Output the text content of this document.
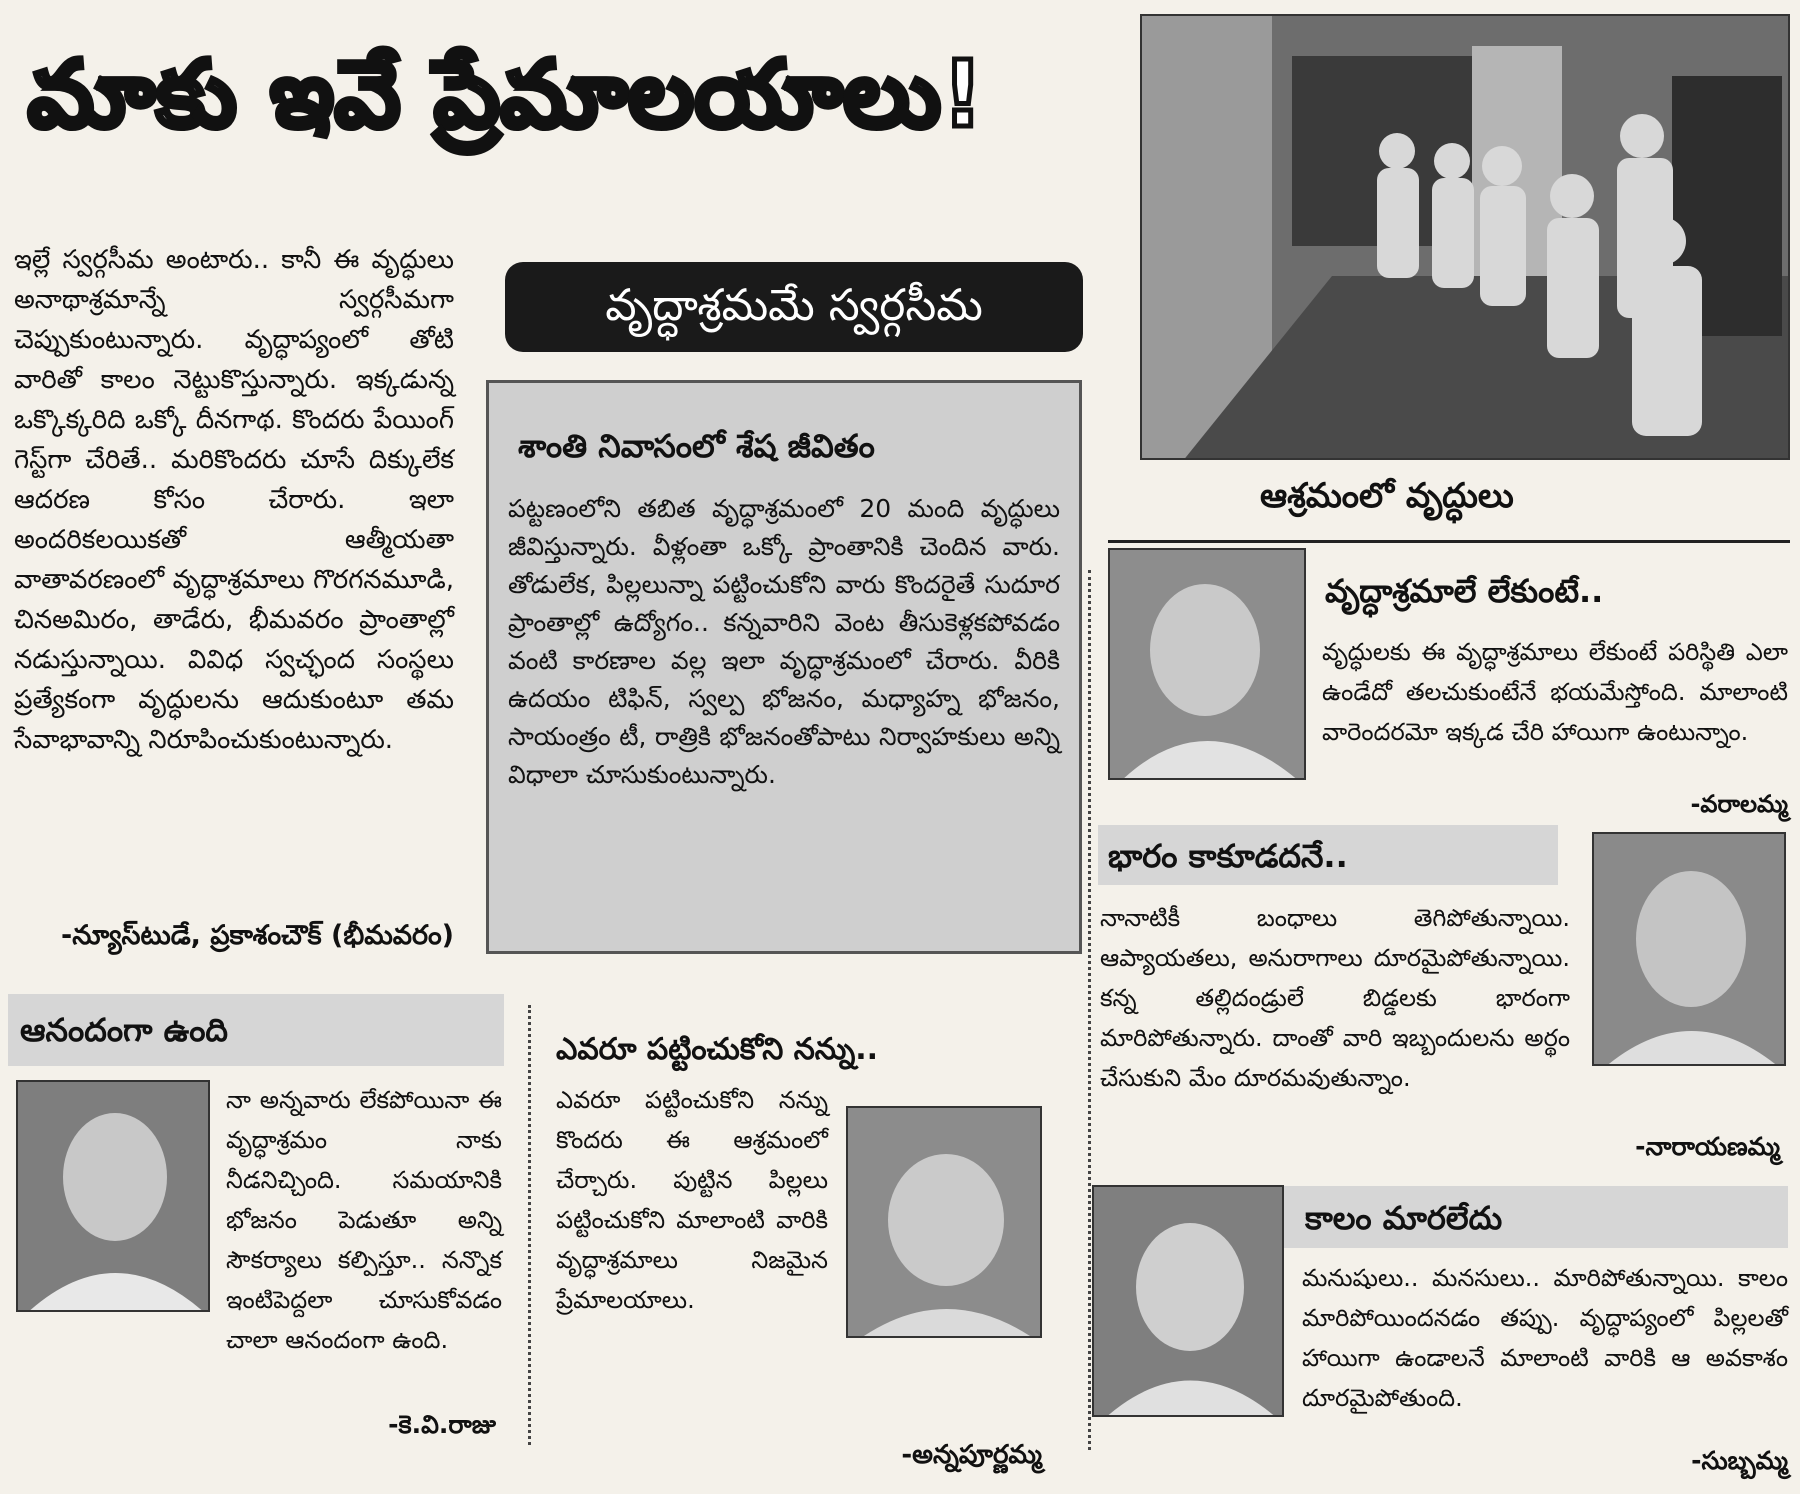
మాకు ఇవే ప్రేమాలయాలు!
ఆశ్రమంలో వృద్ధులు

ఇల్లే స్వర్గసీమ అంటారు.. కానీ ఈ వృద్ధులు అనాథాశ్రమాన్నే స్వర్గసీమగా చెప్పుకుంటున్నారు. వృద్ధాప్యంలో తోటి వారితో కాలం నెట్టుకొస్తున్నారు. ఇక్కడున్న ఒక్కొక్కరిది ఒక్కో దీనగాథ. కొందరు పేయింగ్ గెస్ట్‌గా చేరితే.. మరికొందరు చూసే దిక్కులేక ఆదరణ కోసం చేరారు. ఇలా అందరికలయికతో ఆత్మీయతా వాతావరణంలో వృద్ధాశ్రమాలు గొరగనమూడి, చినఅమిరం, తాడేరు, భీమవరం ప్రాంతాల్లో నడుస్తున్నాయి. వివిధ స్వచ్ఛంద సంస్థలు ప్రత్యేకంగా వృద్ధులను ఆదుకుంటూ తమ సేవాభావాన్ని నిరూపించుకుంటున్నారు.

-న్యూస్‌టుడే, ప్రకాశంచౌక్ (భీమవరం)
వృద్ధాశ్రమమే స్వర్గసీమ
శాంతి నివాసంలో శేష జీవితం

పట్టణంలోని తబిత వృద్ధాశ్రమంలో 20 మంది వృద్ధులు జీవిస్తున్నారు. వీళ్లంతా ఒక్కో ప్రాంతానికి చెందిన వారు. తోడులేక, పిల్లలున్నా పట్టించుకోని వారు కొందరైతే సుదూర ప్రాంతాల్లో ఉద్యోగం.. కన్నవారిని వెంట తీసుకెళ్లకపోవడం వంటి కారణాల వల్ల ఇలా వృద్ధాశ్రమంలో చేరారు. వీరికి ఉదయం టిఫిన్, స్వల్ప భోజనం, మధ్యాహ్న భోజనం, సాయంత్రం టీ, రాత్రికి భోజనంతోపాటు నిర్వాహకులు అన్ని విధాలా చూసుకుంటున్నారు.

వృద్ధాశ్రమాలే లేకుంటే..

వృద్ధులకు ఈ వృద్ధాశ్రమాలు లేకుంటే పరిస్థితి ఎలా ఉండేదో తలచుకుంటేనే భయమేస్తోంది. మాలాంటి వారెందరమో ఇక్కడ చేరి హాయిగా ఉంటున్నాం.

-వరాలమ్మ
భారం కాకూడదనే..

నానాటికీ బంధాలు తెగిపోతున్నాయి. ఆప్యాయతలు, అనురాగాలు దూరమైపోతున్నాయి. కన్న తల్లిదండ్రులే బిడ్డలకు భారంగా మారిపోతున్నారు. దాంతో వారి ఇబ్బందులను అర్థం చేసుకుని మేం దూరమవుతున్నాం.

-నారాయణమ్మ
కాలం మారలేదు

మనుషులు.. మనసులు.. మారిపోతున్నాయి. కాలం మారిపోయిందనడం తప్పు. వృద్ధాప్యంలో పిల్లలతో హాయిగా ఉండాలనే మాలాంటి వారికి ఆ అవకాశం దూరమైపోతుంది.

-సుబ్బమ్మ
ఆనందంగా ఉంది

నా అన్నవారు లేకపోయినా ఈ వృద్ధాశ్రమం నాకు నీడనిచ్చింది. సమయానికి భోజనం పెడుతూ అన్ని సౌకర్యాలు కల్పిస్తూ.. నన్నొక ఇంటిపెద్దలా చూసుకోవడం చాలా ఆనందంగా ఉంది.

-కె.వి.రాజు
ఎవరూ పట్టించుకోని నన్ను..

ఎవరూ పట్టించుకోని నన్ను కొందరు ఈ ఆశ్రమంలో చేర్చారు. పుట్టిన పిల్లలు పట్టించుకోని మాలాంటి వారికి వృద్ధాశ్రమాలు నిజమైన ప్రేమాలయాలు.

-అన్నపూర్ణమ్మ
